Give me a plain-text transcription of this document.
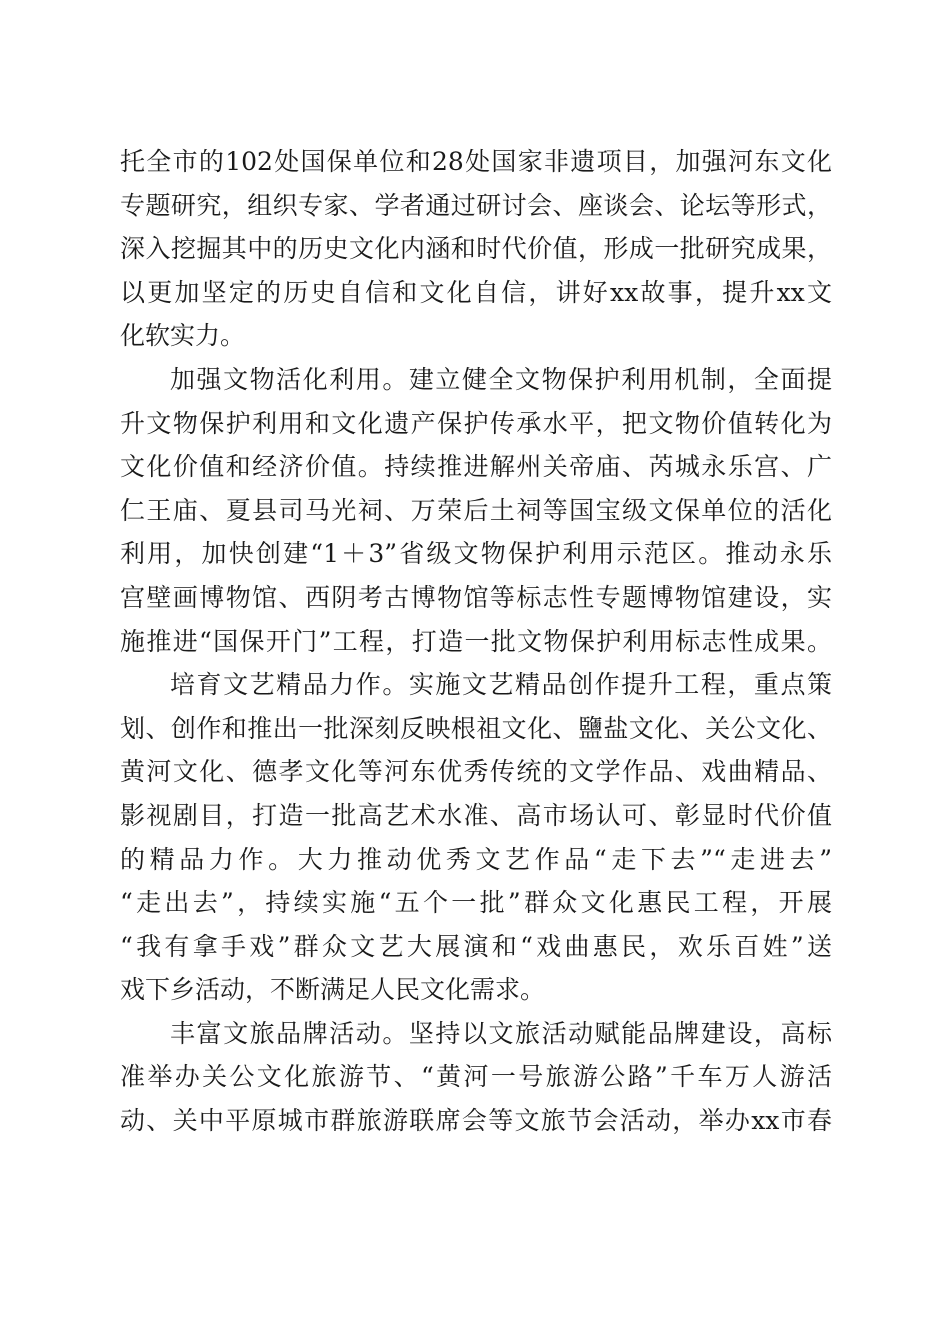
托全市的102处国保单位和28处国家非遗项目，加强河东文化
专题研究，组织专家、学者通过研讨会、座谈会、论坛等形式，
深入挖掘其中的历史文化内涵和时代价值，形成一批研究成果，
以更加坚定的历史自信和文化自信，讲好xx故事，提升xx文
化软实力。
加强文物活化利用。建立健全文物保护利用机制，全面提
升文物保护利用和文化遗产保护传承水平，把文物价值转化为
文化价值和经济价值。持续推进解州关帝庙、芮城永乐宫、广
仁王庙、夏县司马光祠、万荣后土祠等国宝级文保单位的活化
利用，加快创建“1＋3”省级文物保护利用示范区。推动永乐
宫壁画博物馆、西阴考古博物馆等标志性专题博物馆建设，实
施推进“国保开门”工程，打造一批文物保护利用标志性成果。
培育文艺精品力作。实施文艺精品创作提升工程，重点策
划、创作和推出一批深刻反映根祖文化、鹽盐文化、关公文化、
黄河文化、德孝文化等河东优秀传统的文学作品、戏曲精品、
影视剧目，打造一批高艺术水准、高市场认可、彰显时代价值
的精品力作。大力推动优秀文艺作品“走下去”“走进去”
“走出去”，持续实施“五个一批”群众文化惠民工程，开展
“我有拿手戏”群众文艺大展演和“戏曲惠民，欢乐百姓”送
戏下乡活动，不断满足人民文化需求。
丰富文旅品牌活动。坚持以文旅活动赋能品牌建设，高标
准举办关公文化旅游节、“黄河一号旅游公路”千车万人游活
动、关中平原城市群旅游联席会等文旅节会活动，举办xx市春
